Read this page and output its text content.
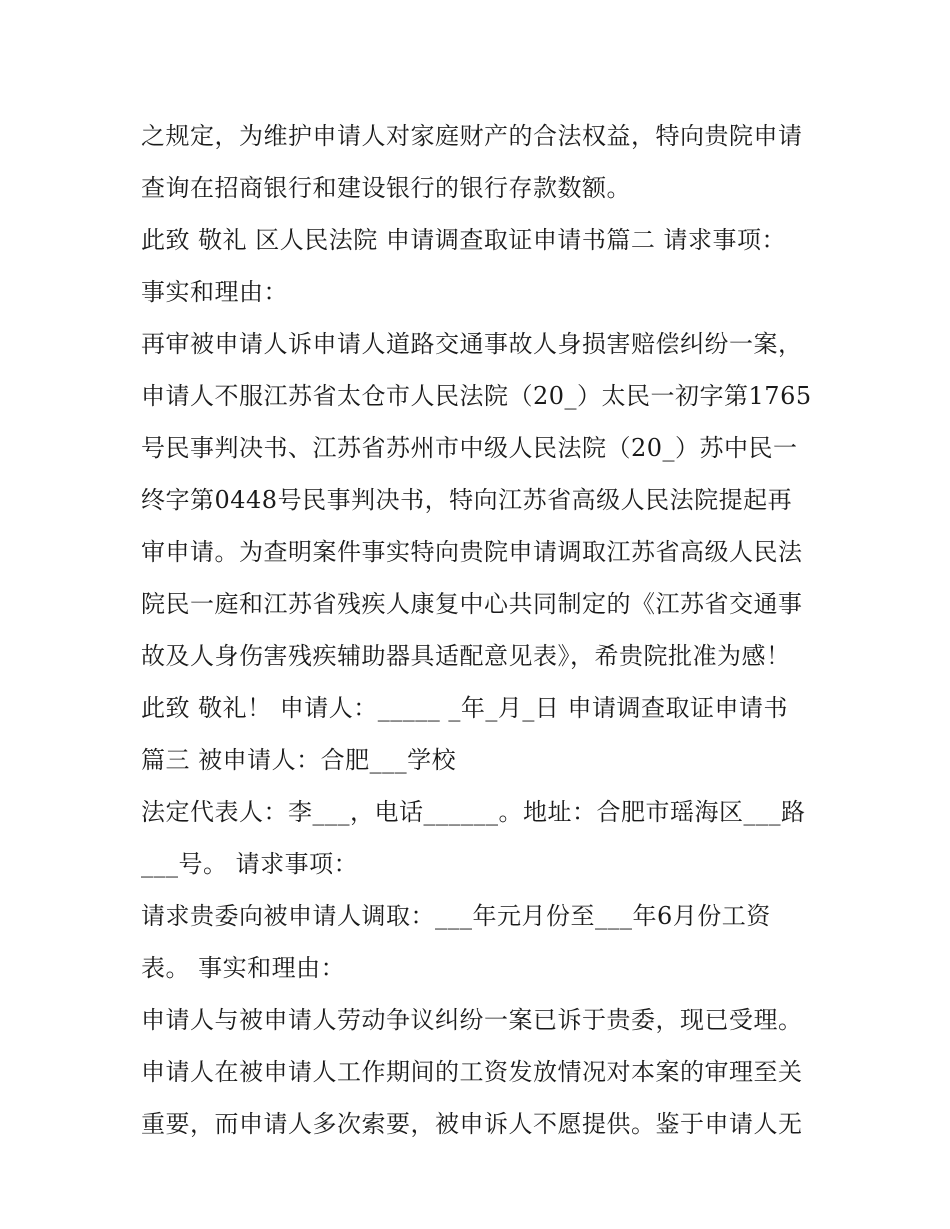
之规定，为维护申请人对家庭财产的合法权益，特向贵院申请
查询在招商银行和建设银行的银行存款数额。
此致 敬礼 区人民法院 申请调查取证申请书篇二 请求事项：
事实和理由：
再审被申请人诉申请人道路交通事故人身损害赔偿纠纷一案，
申请人不服江苏省太仓市人民法院（20_）太民一初字第1765
号民事判决书、江苏省苏州市中级人民法院（20_）苏中民一
终字第0448号民事判决书，特向江苏省高级人民法院提起再
审申请。为查明案件事实特向贵院申请调取江苏省高级人民法
院民一庭和江苏省残疾人康复中心共同制定的《江苏省交通事
故及人身伤害残疾辅助器具适配意见表》，希贵院批准为感！
此致 敬礼！ 申请人：_____ _年_月_日 申请调查取证申请书
篇三 被申请人：合肥___学校
法定代表人：李___，电话______。地址：合肥市瑶海区___路
___号。 请求事项：
请求贵委向被申请人调取：___年元月份至___年6月份工资
表。 事实和理由：
申请人与被申请人劳动争议纠纷一案已诉于贵委，现已受理。
申请人在被申请人工作期间的工资发放情况对本案的审理至关
重要，而申请人多次索要，被申诉人不愿提供。鉴于申请人无
